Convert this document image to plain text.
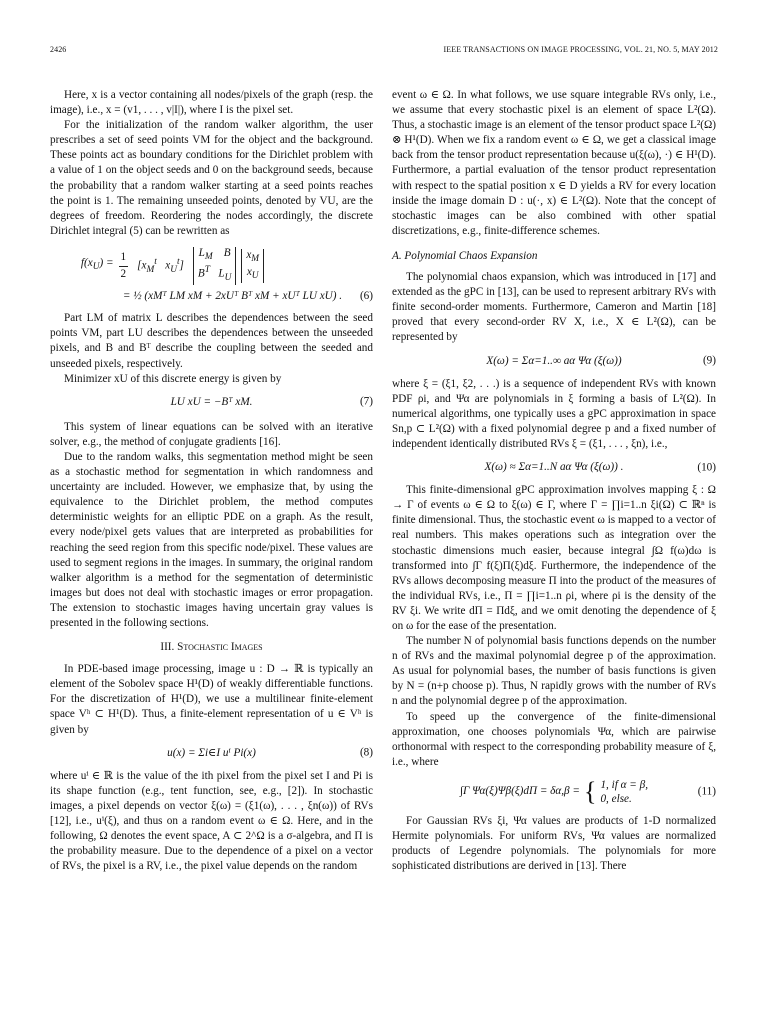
2426	IEEE TRANSACTIONS ON IMAGE PROCESSING, VOL. 21, NO. 5, MAY 2012

Here, x is a vector containing all nodes/pixels of the graph (resp. the image), i.e., x = (v1, . . . , v|I|), where I is the pixel set.

For the initialization of the random walker algorithm, the user prescribes a set of seed points VM for the object and the background. These points act as boundary conditions for the Dirichlet problem with a value of 1 on the object seeds and 0 on the background seeds, because the probability that a random walker starting at a seed points reaches the point is 1. The remaining unseeded points, denoted by VU, are the degrees of freedom. Reordering the nodes accordingly, the discrete Dirichlet integral (5) can be rewritten as

$f(x_U) = \frac{1}{2} [x_M^t$   $x_U^t$]
$L_M$    B
$B^T$   $L_U$
$x_M$
$x_U$
= ½ (xMᵀ LM xM + 2xUᵀ Bᵀ xM + xUᵀ LU xU) . (6)

Part LM of matrix L describes the dependences between the seed points VM, part LU describes the dependences between the unseeded pixels, and B and Bᵀ describe the coupling between the seeded and unseeded pixels, respectively.

Minimizer xU of this discrete energy is given by

LU xU = −Bᵀ xM.	(7)

This system of linear equations can be solved with an iterative solver, e.g., the method of conjugate gradients [16].

Due to the random walks, this segmentation method might be seen as a stochastic method for segmentation in which randomness and uncertainty are included. However, we emphasize that, by using the equivalence to the Dirichlet problem, the method computes deterministic weights for an elliptic PDE on a graph. As the result, every node/pixel gets values that are interpreted as probabilities for reaching the seed region from this specific node/pixel. These values are used to segment regions in the images. In summary, the original random walker algorithm is a method for the segmentation of deterministic images but does not deal with stochastic images or error propagation. The extension to stochastic images having uncertain gray values is presented in the following sections.

III. Stochastic Images

In PDE-based image processing, image u : D → ℝ is typically an element of the Sobolev space H¹(D) of weakly differentiable functions. For the discretization of H¹(D), we use a multilinear finite-element space Vʰ ⊂ H¹(D). Thus, a finite-element representation of u ∈ Vʰ is given by

u(x) = Σi∈I uⁱ Pi(x)	(8)

where uⁱ ∈ ℝ is the value of the ith pixel from the pixel set I and Pi is its shape function (e.g., tent function, see, e.g., [2]). In stochastic images, a pixel depends on vector ξ(ω) = (ξ1(ω), . . . , ξn(ω)) of RVs [12], i.e., uⁱ(ξ), and thus on a random event ω ∈ Ω. Here, and in the following, Ω denotes the event space, A ⊂ 2^Ω is a σ-algebra, and Π is the probability measure. Due to the dependence of a pixel on a vector of RVs, the pixel is a RV, i.e., the pixel value depends on the random

event ω ∈ Ω. In what follows, we use square integrable RVs only, i.e., we assume that every stochastic pixel is an element of space L²(Ω). Thus, a stochastic image is an element of the tensor product space L²(Ω) ⊗ H¹(D). When we fix a random event ω ∈ Ω, we get a classical image back from the tensor product representation because u(ξ(ω), ·) ∈ H¹(D). Furthermore, a partial evaluation of the tensor product representation with respect to the spatial position x ∈ D yields a RV for every location inside the image domain D : u(·, x) ∈ L²(Ω). Note that the concept of stochastic images can be also combined with other spatial discretizations, e.g., finite-difference schemes.

A. Polynomial Chaos Expansion

The polynomial chaos expansion, which was introduced in [17] and extended as the gPC in [13], can be used to represent arbitrary RVs with finite second-order moments. Furthermore, Cameron and Martin [18] proved that every second-order RV X, i.e., X ∈ L²(Ω), can be represented by

X(ω) = Σα=1..∞ aα Ψα (ξ(ω))	(9)

where ξ = (ξ1, ξ2, . . .) is a sequence of independent RVs with known PDF ρi, and Ψα are polynomials in ξ forming a basis of L²(Ω). In numerical algorithms, one typically uses a gPC approximation in space Sn,p ⊂ L²(Ω) with a fixed polynomial degree p and a fixed number of independent identically distributed RVs ξ = (ξ1, . . . , ξn), i.e.,

X(ω) ≈ Σα=1..N aα Ψα (ξ(ω)) .	(10)

This finite-dimensional gPC approximation involves mapping ξ : Ω → Γ of events ω ∈ Ω to ξ(ω) ∈ Γ, where Γ = ∏i=1..n ξi(Ω) ⊂ ℝⁿ is finite dimensional. Thus, the stochastic event ω is mapped to a vector of real numbers. This makes operations such as integration over the stochastic dimensions much easier, because integral ∫Ω f(ω)dω is transformed into ∫Γ f(ξ)Π(ξ)dξ. Furthermore, the independence of the RVs allows decomposing measure Π into the product of the measures of the individual RVs, i.e., Π = ∏i=1..n ρi, where ρi is the density of the RV ξi. We write dΠ = Πdξ, and we omit denoting the dependence of ξ on ω for the ease of the presentation.

The number N of polynomial basis functions depends on the number n of RVs and the maximal polynomial degree p of the approximation. As usual for polynomial bases, the number of basis functions is given by N = (n+p choose p). Thus, N rapidly grows with the number of RVs n and the polynomial degree p of the approximation.

To speed up the convergence of the finite-dimensional approximation, one chooses polynomials Ψα, which are pairwise orthonormal with respect to the corresponding probability measure of ξ, i.e., where

∫Γ Ψα(ξ)Ψβ(ξ)dΠ = δα,β = { 1, if α = β,
0, else.
(11)

For Gaussian RVs ξi, Ψα values are products of 1-D normalized Hermite polynomials. For uniform RVs, Ψα values are normalized products of Legendre polynomials. The polynomials for more sophisticated distributions are derived in [13]. There
